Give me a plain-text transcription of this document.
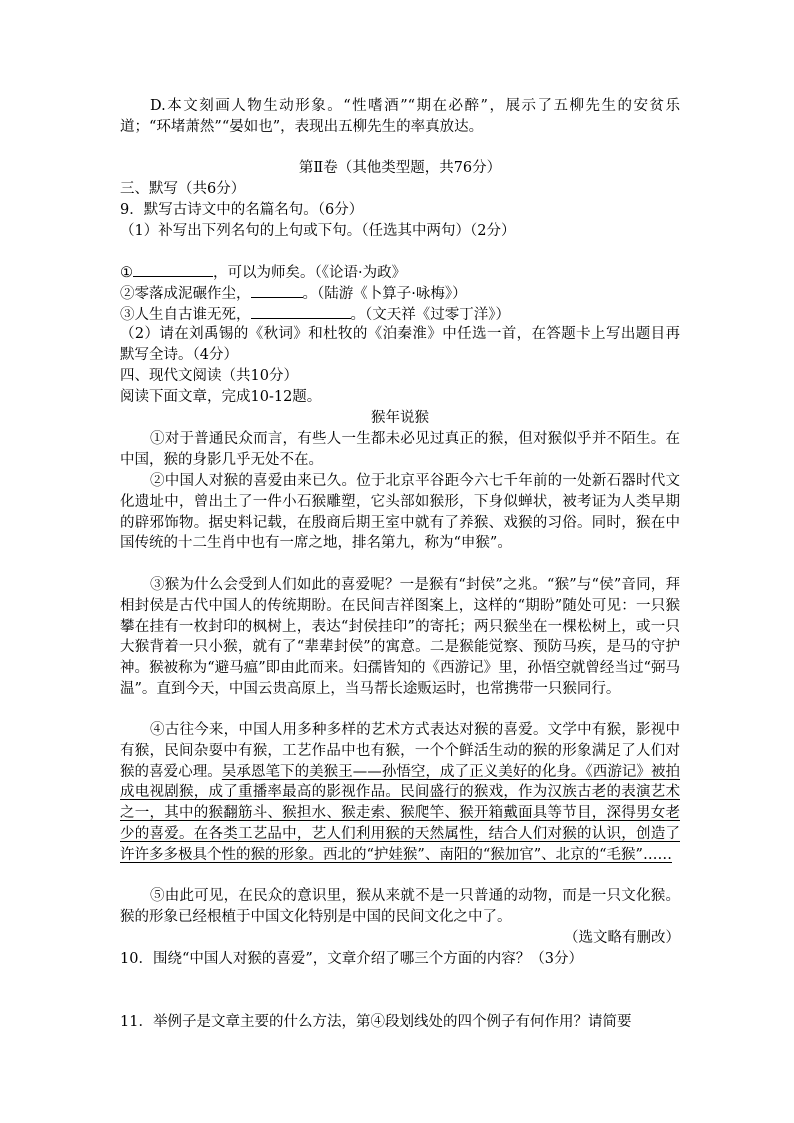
D.本文刻画人物生动形象。“性嗜酒”“期在必醉”，展示了五柳先生的安贫乐道；“环堵萧然”“晏如也”，表现出五柳先生的率真放达。
第Ⅱ卷（其他类型题，共76分）
三、默写（共6分）
9．默写古诗文中的名篇名句。（6分）
（1）补写出下列名句的上句或下句。（任选其中两句）（2分）
①	，可以为师矣。（《论语·为政》
②零落成泥碾作尘，	。（陆游《卜算子·咏梅》）
③人生自古谁无死，	。（文天祥《过零丁洋》）
（2）请在刘禹锡的《秋词》和杜牧的《泊秦淮》中任选一首，在答题卡上写出题目再默写全诗。（4分）
四、现代文阅读（共10分）
阅读下面文章，完成10-12题。
猴年说猴
①对于普通民众而言，有些人一生都未必见过真正的猴，但对猴似乎并不陌生。在中国，猴的身影几乎无处不在。
②中国人对猴的喜爱由来已久。位于北京平谷距今六七千年前的一处新石器时代文化遗址中，曾出土了一件小石猴雕塑，它头部如猴形，下身似蝉状，被考证为人类早期的辟邪饰物。据史料记载，在殷商后期王室中就有了养猴、戏猴的习俗。同时，猴在中国传统的十二生肖中也有一席之地，排名第九，称为“申猴”。
③猴为什么会受到人们如此的喜爱呢？一是猴有“封侯”之兆。“猴”与“侯”音同，拜相封侯是古代中国人的传统期盼。在民间吉祥图案上，这样的“期盼”随处可见：一只猴攀在挂有一枚封印的枫树上，表达“封侯挂印”的寄托；两只猴坐在一棵松树上，或一只大猴背着一只小猴，就有了“辈辈封侯”的寓意。二是猴能觉察、预防马疾，是马的守护神。猴被称为“避马瘟”即由此而来。妇孺皆知的《西游记》里，孙悟空就曾经当过“弼马温”。直到今天，中国云贵高原上，当马帮长途贩运时，也常携带一只猴同行。
④古往今来，中国人用多种多样的艺术方式表达对猴的喜爱。文学中有猴，影视中有猴，民间杂耍中有猴，工艺作品中也有猴，一个个鲜活生动的猴的形象满足了人们对猴的喜爱心理。吴承恩笔下的美猴王——孙悟空，成了正义美好的化身。《西游记》被拍成电视剧猴，成了重播率最高的影视作品。民间盛行的猴戏，作为汉族古老的表演艺术之一，其中的猴翻筋斗、猴担水、猴走索、猴爬竿、猴开箱戴面具等节目，深得男女老少的喜爱。在各类工艺品中，艺人们利用猴的天然属性，结合人们对猴的认识，创造了许许多多极具个性的猴的形象。西北的“护娃猴”、南阳的“猴加官”、北京的“毛猴”……
⑤由此可见，在民众的意识里，猴从来就不是一只普通的动物，而是一只文化猴。猴的形象已经根植于中国文化特别是中国的民间文化之中了。
（选文略有删改）
10．围绕“中国人对猴的喜爱”，文章介绍了哪三个方面的内容？（3分）
11．举例子是文章主要的什么方法，第④段划线处的四个例子有何作用？请简要
